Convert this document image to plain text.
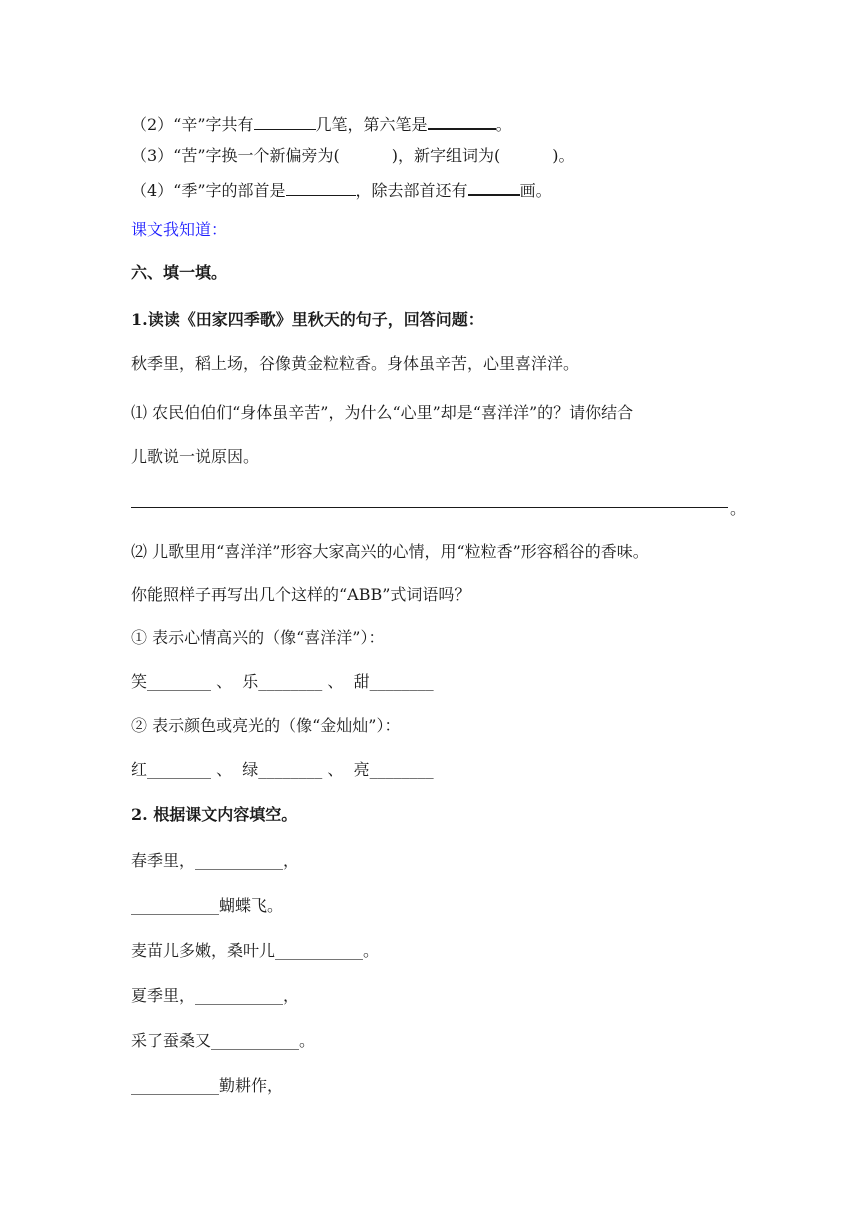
（2）“辛”字共有	几笔，第六笔是	。
（3）“苦”字换一个新偏旁为(	)，新字组词为(	)。
（4）“季”字的部首是	，除去部首还有	画。
课文我知道：
六、填一填。
1.读读《田家四季歌》里秋天的句子，回答问题：
秋季里，稻上场，谷像黄金粒粒香。身体虽辛苦，心里喜洋洋。
⑴ 农民伯伯们“身体虽辛苦”，为什么“心里”却是“喜洋洋”的？请你结合
儿歌说一说原因。
。
⑵ 儿歌里用“喜洋洋”形容大家高兴的心情，用“粒粒香”形容稻谷的香味。
你能照样子再写出几个这样的“ABB”式词语吗？
① 表示心情高兴的（像“喜洋洋”）：
笑________ 、 乐________ 、 甜________
② 表示颜色或亮光的（像“金灿灿”）：
红________ 、 绿________ 、 亮________
2. 根据课文内容填空。
春季里，___________，
___________蝴蝶飞。
麦苗儿多嫩，桑叶儿___________。
夏季里，___________，
采了蚕桑又___________。
___________勤耕作，
